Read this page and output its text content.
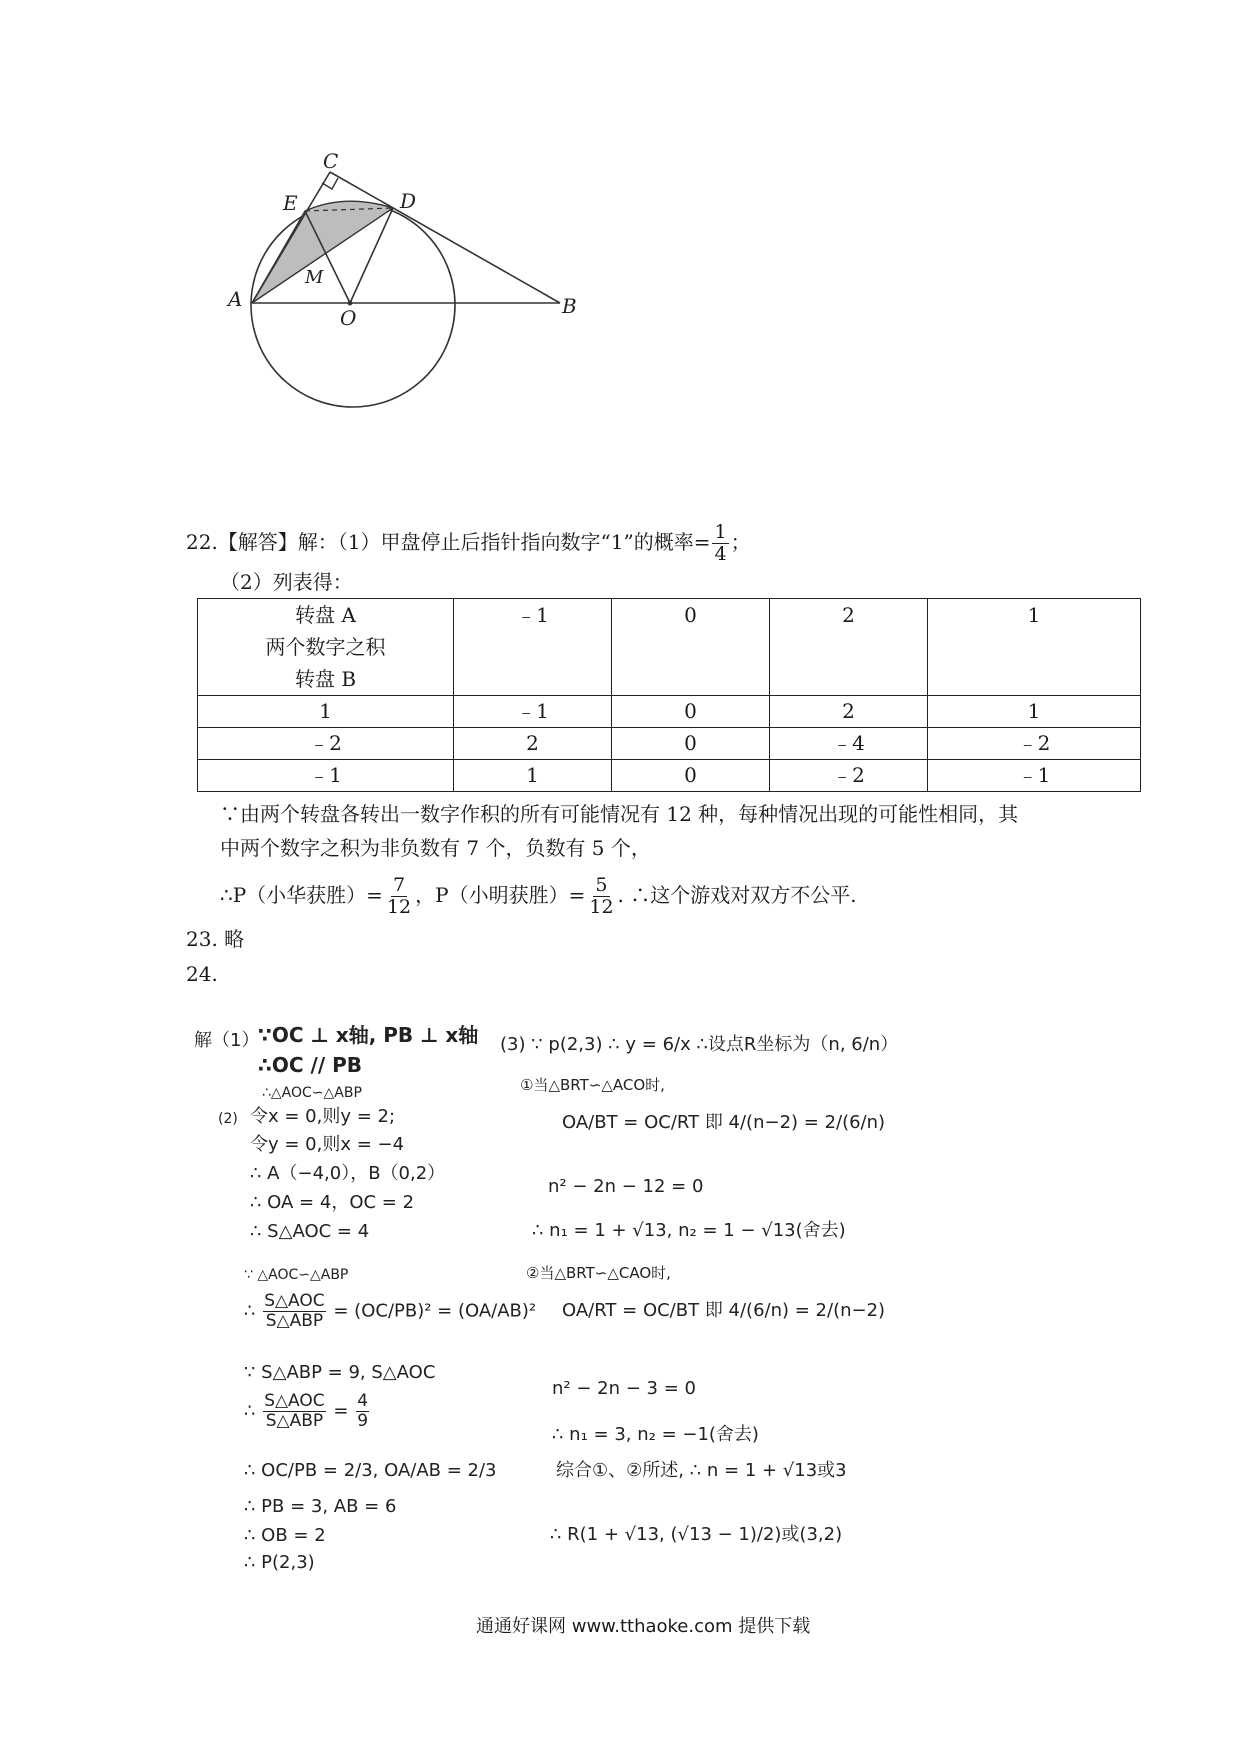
C
E	D
M
A
O	B
22.【解答】解：（1）甲盘停止后指针指向数字“1”的概率= $\frac{1}{4}$ ；
（2）列表得：
转盘 A
两个数字之积
转盘 B	﹣1	0	2	1
1	﹣1	0	2	1
﹣2	2	0	﹣4	﹣2
﹣1	1	0	﹣2	﹣1
∵由两个转盘各转出一数字作积的所有可能情况有 12 种，每种情况出现的可能性相同，其
中两个数字之积为非负数有 7 个，负数有 5 个，
∴P（小华获胜）= $\frac{7}{12}$ ，P（小明获胜）= $\frac{5}{12}$ . ∴这个游戏对双方不公平.
23. 略
24.
解（1）
∵OC ⊥ x轴, PB ⊥ x轴
∴OC // PB
∴△AOC∽△ABP
(2) 令x = 0,则y = 2;
令y = 0,则x = −4
∴ A（−4,0），B（0,2）
∴ OA = 4，OC = 2
∴ S△AOC = 4
∵ △AOC∽△ABP
∴ $\frac{\text{S△AOC}}{\text{S△ABP}} = (OC/PB)^2 = (OA/AB)^2$
∵ S△ABP = 9, S△AOC
∴ $\frac{\text{S△AOC}}{\text{S△ABP}} = \frac{4}{9}$
∴ OC/PB = 2/3, OA/AB = 2/3
∴ PB = 3, AB = 6
∴ OB = 2
∴ P(2,3)
(3) ∵ p(2,3) ∴ y = 6/x ∴设点R坐标为（n, 6/n）
①当△BRT∽△ACO时,
OA/BT = OC/RT 即 4/(n−2) = 2/(6/n)
n² − 2n − 12 = 0
∴ n₁ = 1 + √13, n₂ = 1 − √13(舍去)
②当△BRT∽△CAO时,
OA/RT = OC/BT 即 4/(6/n) = 2/(n−2)
n² − 2n − 3 = 0
∴ n₁ = 3, n₂ = −1(舍去)
综合①、②所述, ∴ n = 1 + √13或3
∴ R(1 + √13, (√13 − 1)/2)或(3,2)
通通好课网 www.tthaoke.com 提供下载
